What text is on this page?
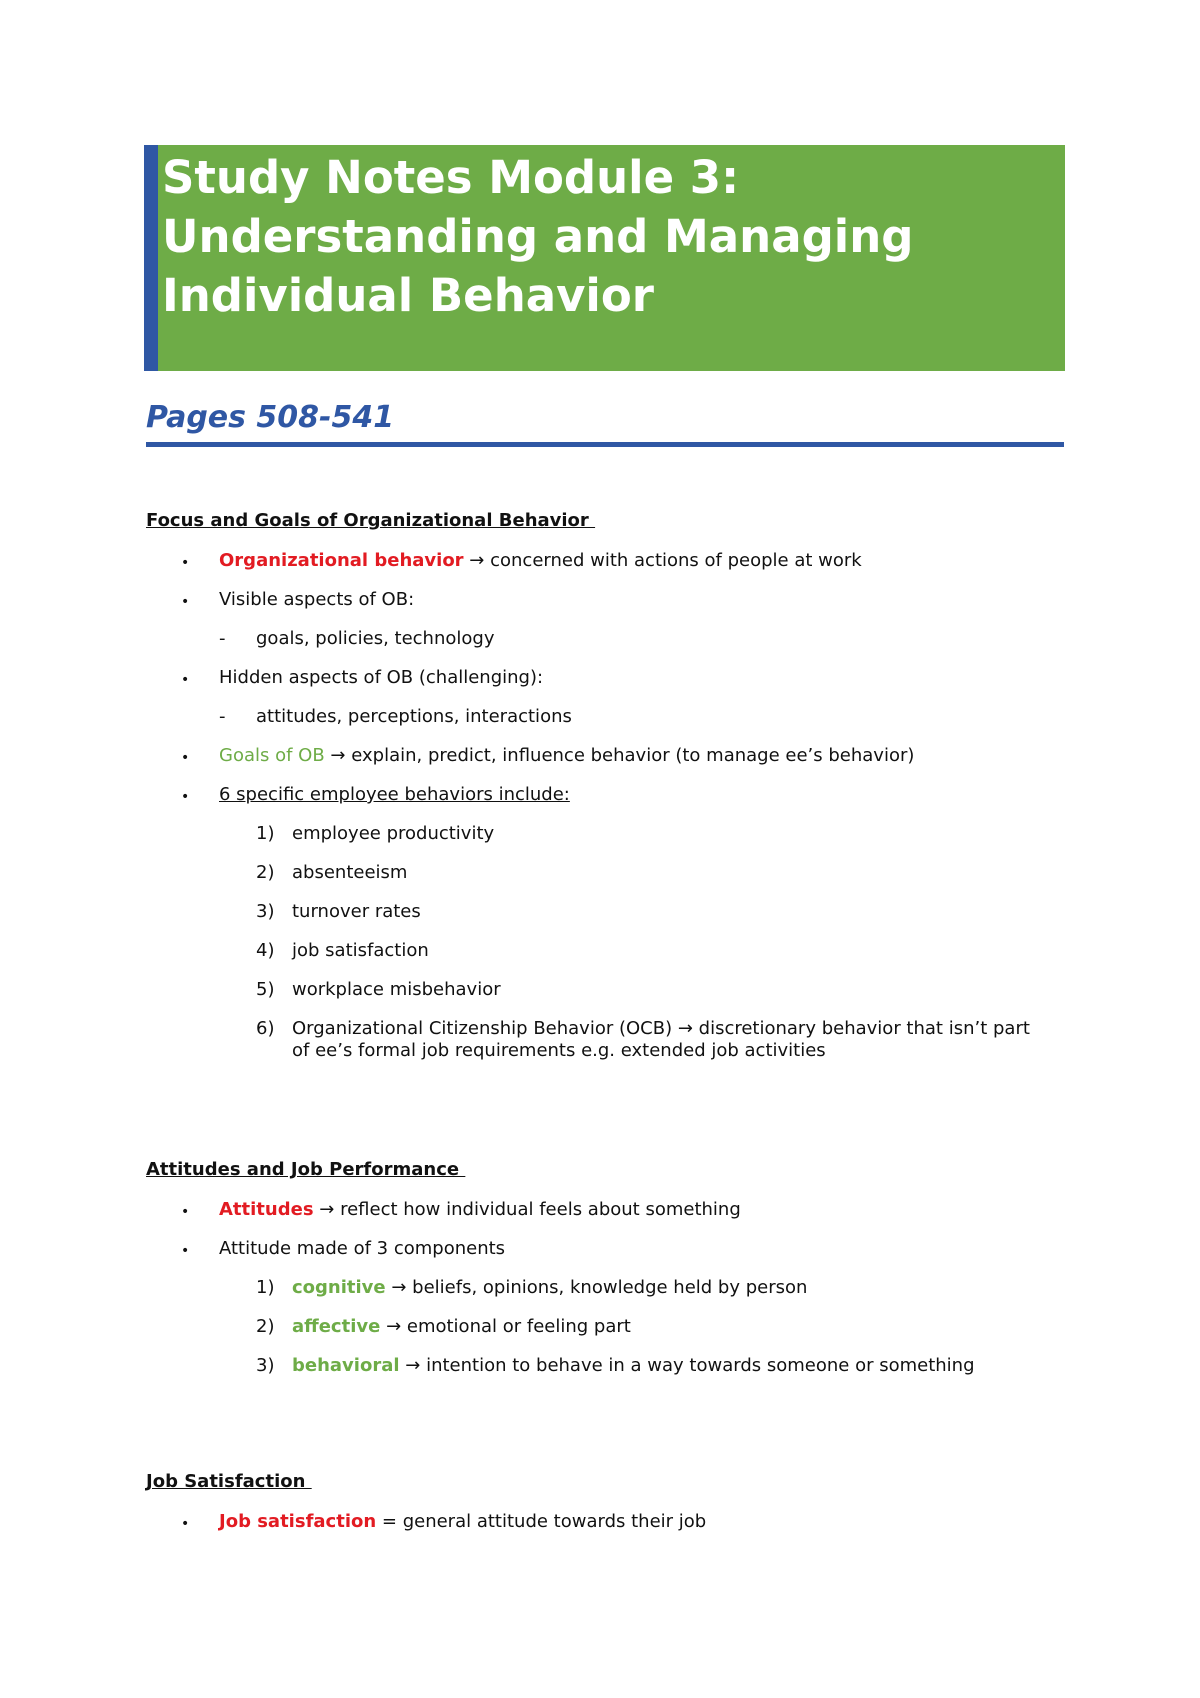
Study Notes Module 3:
Understanding and Managing
Individual Behavior
Pages 508-541
Focus and Goals of Organizational Behavior
• Organizational behavior → concerned with actions of people at work
• Visible aspects of OB:
- goals, policies, technology
• Hidden aspects of OB (challenging):
- attitudes, perceptions, interactions
• Goals of OB → explain, predict, influence behavior (to manage ee’s behavior)
• 6 specific employee behaviors include:
1) employee productivity
2) absenteeism
3) turnover rates
4) job satisfaction
5) workplace misbehavior
6) Organizational Citizenship Behavior (OCB) → discretionary behavior that isn’t part
of ee’s formal job requirements e.g. extended job activities
Attitudes and Job Performance
• Attitudes → reflect how individual feels about something
• Attitude made of 3 components
1) cognitive → beliefs, opinions, knowledge held by person
2) affective → emotional or feeling part
3) behavioral → intention to behave in a way towards someone or something
Job Satisfaction
• Job satisfaction = general attitude towards their job
